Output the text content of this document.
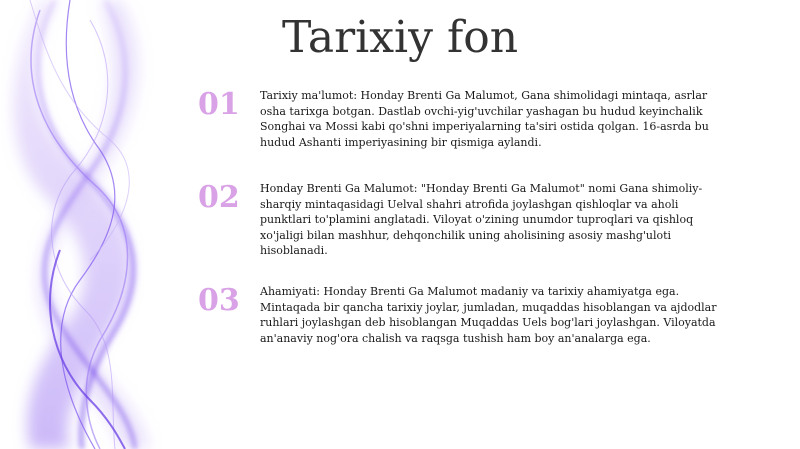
Tarixiy fon
01 Tarixiy ma'lumot: Honday Brenti Ga Malumot, Gana shimolidagi mintaqa, asrlar osha tarixga botgan. Dastlab ovchi-yig'uvchilar yashagan bu hudud keyinchalik Songhai va Mossi kabi qo'shni imperiyalarning ta'siri ostida qolgan. 16-asrda bu hudud Ashanti imperiyasining bir qismiga aylandi.

02 Honday Brenti Ga Malumot: "Honday Brenti Ga Malumot" nomi Gana shimoliy-sharqiy mintaqasidagi Uelval shahri atrofida joylashgan qishloqlar va aholi punktlari to'plamini anglatadi. Viloyat o'zining unumdor tuproqlari va qishloq xo'jaligi bilan mashhur, dehqonchilik uning aholisining asosiy mashg'uloti hisoblanadi.

03 Ahamiyati: Honday Brenti Ga Malumot madaniy va tarixiy ahamiyatga ega. Mintaqada bir qancha tarixiy joylar, jumladan, muqaddas hisoblangan va ajdodlar ruhlari joylashgan deb hisoblangan Muqaddas Uels bog'lari joylashgan. Viloyatda an'anaviy nog'ora chalish va raqsga tushish ham boy an'analarga ega.
